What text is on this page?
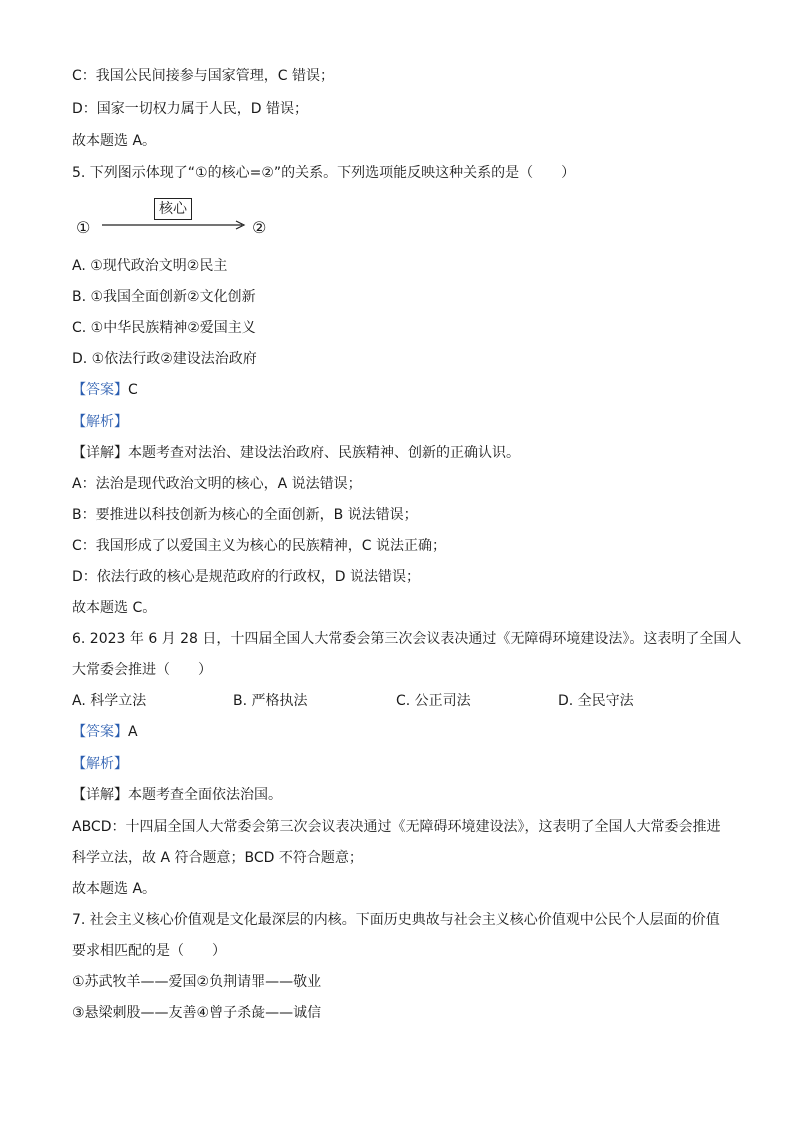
C：我国公民间接参与国家管理，C 错误；
D：国家一切权力属于人民，D 错误；
故本题选 A。
5. 下列图示体现了“①的核心=②”的关系。下列选项能反映这种关系的是（　　）
①
核心
②
A. ①现代政治文明②民主
B. ①我国全面创新②文化创新
C. ①中华民族精神②爱国主义
D. ①依法行政②建设法治政府
【答案】C
【解析】
【详解】本题考查对法治、建设法治政府、民族精神、创新的正确认识。
A：法治是现代政治文明的核心，A 说法错误；
B：要推进以科技创新为核心的全面创新，B 说法错误；
C：我国形成了以爱国主义为核心的民族精神，C 说法正确；
D：依法行政的核心是规范政府的行政权，D 说法错误；
故本题选 C。
6. 2023 年 6 月 28 日，十四届全国人大常委会第三次会议表决通过《无障碍环境建设法》。这表明了全国人
大常委会推进（　　）
A. 科学立法	B. 严格执法	C. 公正司法	D. 全民守法
【答案】A
【解析】
【详解】本题考查全面依法治国。
ABCD：十四届全国人大常委会第三次会议表决通过《无障碍环境建设法》，这表明了全国人大常委会推进
科学立法，故 A 符合题意；BCD 不符合题意；
故本题选 A。
7. 社会主义核心价值观是文化最深层的内核。下面历史典故与社会主义核心价值观中公民个人层面的价值
要求相匹配的是（　　）
①苏武牧羊——爱国②负荆请罪——敬业
③悬梁刺股——友善④曾子杀彘——诚信
